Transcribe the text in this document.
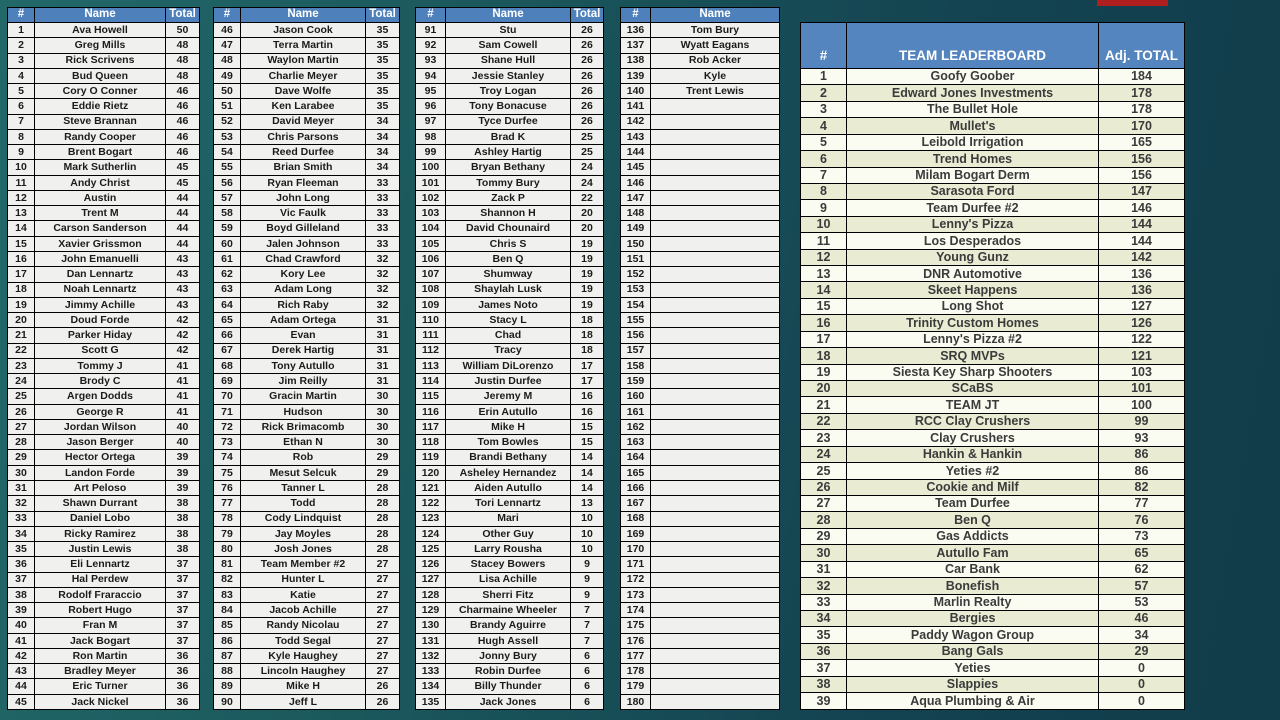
#	Name	Total
1	Ava Howell	50
2	Greg Mills	48
3	Rick Scrivens	48
4	Bud Queen	48
5	Cory O Conner	46
6	Eddie Rietz	46
7	Steve Brannan	46
8	Randy Cooper	46
9	Brent Bogart	46
10	Mark Sutherlin	45
11	Andy Christ	45
12	Austin	44
13	Trent M	44
14	Carson Sanderson	44
15	Xavier Grissmon	44
16	John Emanuelli	43
17	Dan Lennartz	43
18	Noah Lennartz	43
19	Jimmy Achille	43
20	Doud Forde	42
21	Parker Hiday	42
22	Scott G	42
23	Tommy J	41
24	Brody C	41
25	Argen Dodds	41
26	George R	41
27	Jordan Wilson	40
28	Jason Berger	40
29	Hector Ortega	39
30	Landon Forde	39
31	Art Peloso	39
32	Shawn Durrant	38
33	Daniel Lobo	38
34	Ricky Ramirez	38
35	Justin Lewis	38
36	Eli Lennartz	37
37	Hal Perdew	37
38	Rodolf Fraraccio	37
39	Robert Hugo	37
40	Fran M	37
41	Jack Bogart	37
42	Ron Martin	36
43	Bradley Meyer	36
44	Eric Turner	36
45	Jack Nickel	36
#	Name	Total
46	Jason Cook	35
47	Terra Martin	35
48	Waylon Martin	35
49	Charlie Meyer	35
50	Dave Wolfe	35
51	Ken Larabee	35
52	David Meyer	34
53	Chris Parsons	34
54	Reed Durfee	34
55	Brian Smith	34
56	Ryan Fleeman	33
57	John Long	33
58	Vic Faulk	33
59	Boyd Gilleland	33
60	Jalen Johnson	33
61	Chad Crawford	32
62	Kory Lee	32
63	Adam Long	32
64	Rich Raby	32
65	Adam Ortega	31
66	Evan	31
67	Derek Hartig	31
68	Tony Autullo	31
69	Jim Reilly	31
70	Gracin Martin	30
71	Hudson	30
72	Rick Brimacomb	30
73	Ethan N	30
74	Rob	29
75	Mesut Selcuk	29
76	Tanner L	28
77	Todd	28
78	Cody Lindquist	28
79	Jay Moyles	28
80	Josh Jones	28
81	Team Member #2	27
82	Hunter L	27
83	Katie	27
84	Jacob Achille	27
85	Randy Nicolau	27
86	Todd Segal	27
87	Kyle Haughey	27
88	Lincoln Haughey	27
89	Mike H	26
90	Jeff L	26
#	Name	Total
91	Stu	26
92	Sam Cowell	26
93	Shane Hull	26
94	Jessie Stanley	26
95	Troy Logan	26
96	Tony Bonacuse	26
97	Tyce Durfee	26
98	Brad K	25
99	Ashley Hartig	25
100	Bryan Bethany	24
101	Tommy Bury	24
102	Zack P	22
103	Shannon H	20
104	David Chounaird	20
105	Chris S	19
106	Ben Q	19
107	Shumway	19
108	Shaylah Lusk	19
109	James Noto	19
110	Stacy L	18
111	Chad	18
112	Tracy	18
113	William DiLorenzo	17
114	Justin Durfee	17
115	Jeremy M	16
116	Erin Autullo	16
117	Mike H	15
118	Tom Bowles	15
119	Brandi Bethany	14
120	Asheley Hernandez	14
121	Aiden Autullo	14
122	Tori Lennartz	13
123	Mari	10
124	Other Guy	10
125	Larry Rousha	10
126	Stacey Bowers	9
127	Lisa Achille	9
128	Sherri Fitz	9
129	Charmaine Wheeler	7
130	Brandy Aguirre	7
131	Hugh Assell	7
132	Jonny Bury	6
133	Robin Durfee	6
134	Billy Thunder	6
135	Jack Jones	6
#	Name
136	Tom Bury
137	Wyatt Eagans
138	Rob Acker
139	Kyle
140	Trent Lewis
141	
142	
143	
144	
145	
146	
147	
148	
149	
150	
151	
152	
153	
154	
155	
156	
157	
158	
159	
160	
161	
162	
163	
164	
165	
166	
167	
168	
169	
170	
171	
172	
173	
174	
175	
176	
177	
178	
179	
180	
#	TEAM LEADERBOARD	Adj. TOTAL
1	Goofy Goober	184
2	Edward Jones Investments	178
3	The Bullet Hole	178
4	Mullet's	170
5	Leibold Irrigation	165
6	Trend Homes	156
7	Milam Bogart Derm	156
8	Sarasota Ford	147
9	Team Durfee #2	146
10	Lenny's Pizza	144
11	Los Desperados	144
12	Young Gunz	142
13	DNR Automotive	136
14	Skeet Happens	136
15	Long Shot	127
16	Trinity Custom Homes	126
17	Lenny's Pizza #2	122
18	SRQ MVPs	121
19	Siesta Key Sharp Shooters	103
20	SCaBS	101
21	TEAM JT	100
22	RCC Clay Crushers	99
23	Clay Crushers	93
24	Hankin & Hankin	86
25	Yeties #2	86
26	Cookie and Milf	82
27	Team Durfee	77
28	Ben Q	76
29	Gas Addicts	73
30	Autullo Fam	65
31	Car Bank	62
32	Bonefish	57
33	Marlin Realty	53
34	Bergies	46
35	Paddy Wagon Group	34
36	Bang Gals	29
37	Yeties	0
38	Slappies	0
39	Aqua Plumbing & Air	0
